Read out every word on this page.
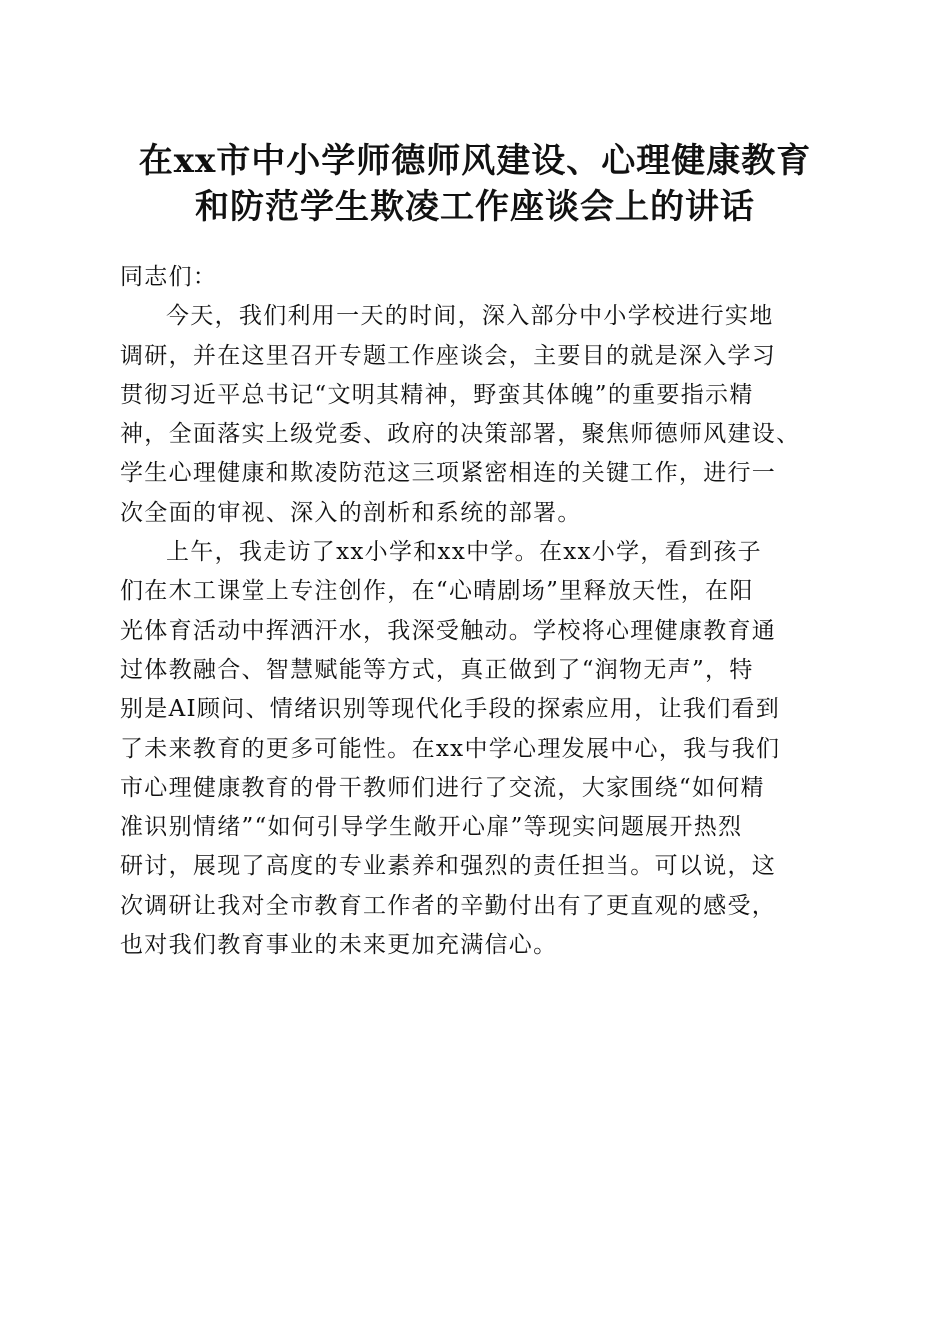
在xx市中小学师德师风建设、心理健康教育
和防范学生欺凌工作座谈会上的讲话

同志们：

今天，我们利用一天的时间，深入部分中小学校进行实地
调研，并在这里召开专题工作座谈会，主要目的就是深入学习
贯彻习近平总书记“文明其精神，野蛮其体魄”的重要指示精
神，全面落实上级党委、政府的决策部署，聚焦师德师风建设、
学生心理健康和欺凌防范这三项紧密相连的关键工作，进行一
次全面的审视、深入的剖析和系统的部署。

上午，我走访了xx小学和xx中学。在xx小学，看到孩子
们在木工课堂上专注创作，在“心晴剧场”里释放天性，在阳
光体育活动中挥洒汗水，我深受触动。学校将心理健康教育通
过体教融合、智慧赋能等方式，真正做到了“润物无声”，特
别是AI顾问、情绪识别等现代化手段的探索应用，让我们看到
了未来教育的更多可能性。在xx中学心理发展中心，我与我们
市心理健康教育的骨干教师们进行了交流，大家围绕“如何精
准识别情绪”“如何引导学生敞开心扉”等现实问题展开热烈
研讨，展现了高度的专业素养和强烈的责任担当。可以说，这
次调研让我对全市教育工作者的辛勤付出有了更直观的感受，
也对我们教育事业的未来更加充满信心。
